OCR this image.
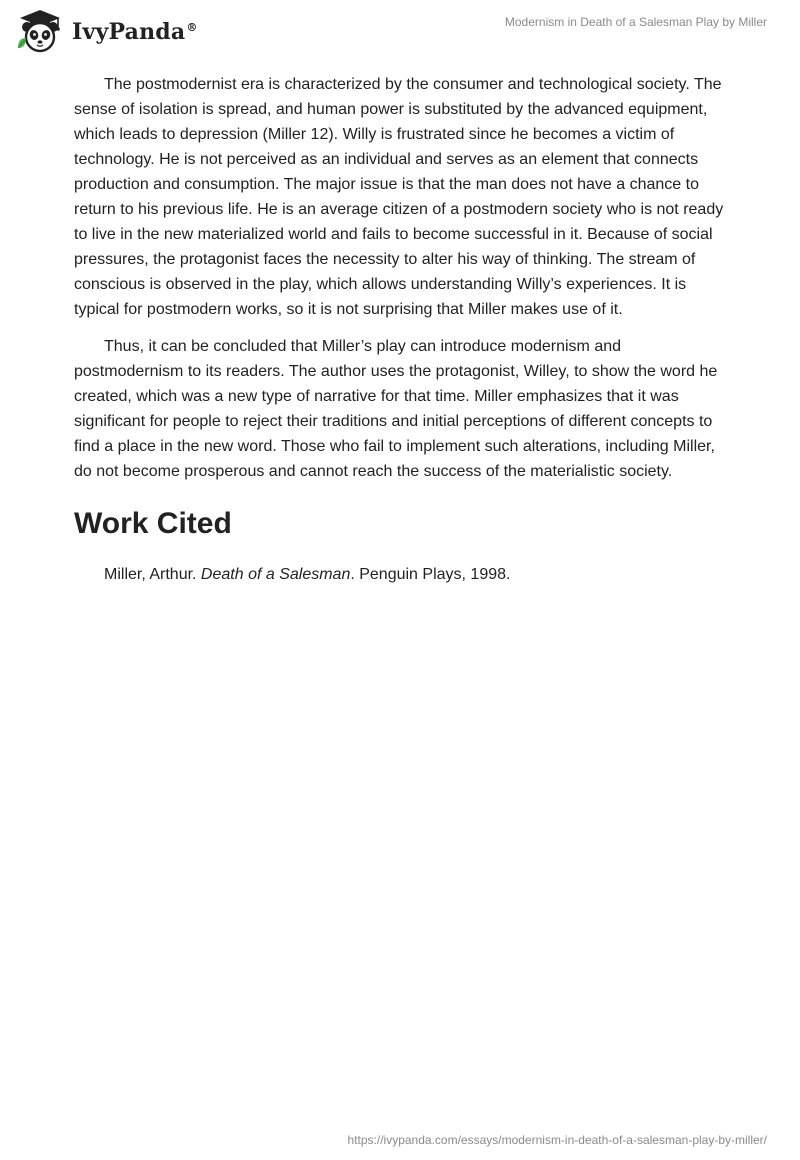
IvyPanda®	Modernism in Death of a Salesman Play by Miller

The postmodernist era is characterized by the consumer and technological society. The sense of isolation is spread, and human power is substituted by the advanced equipment, which leads to depression (Miller 12). Willy is frustrated since he becomes a victim of technology. He is not perceived as an individual and serves as an element that connects production and consumption. The major issue is that the man does not have a chance to return to his previous life. He is an average citizen of a postmodern society who is not ready to live in the new materialized world and fails to become successful in it. Because of social pressures, the protagonist faces the necessity to alter his way of thinking. The stream of conscious is observed in the play, which allows understanding Willy’s experiences. It is typical for postmodern works, so it is not surprising that Miller makes use of it.

Thus, it can be concluded that Miller’s play can introduce modernism and postmodernism to its readers. The author uses the protagonist, Willey, to show the word he created, which was a new type of narrative for that time. Miller emphasizes that it was significant for people to reject their traditions and initial perceptions of different concepts to find a place in the new word. Those who fail to implement such alterations, including Miller, do not become prosperous and cannot reach the success of the materialistic society.

Work Cited

Miller, Arthur. Death of a Salesman. Penguin Plays, 1998.

https://ivypanda.com/essays/modernism-in-death-of-a-salesman-play-by-miller/
